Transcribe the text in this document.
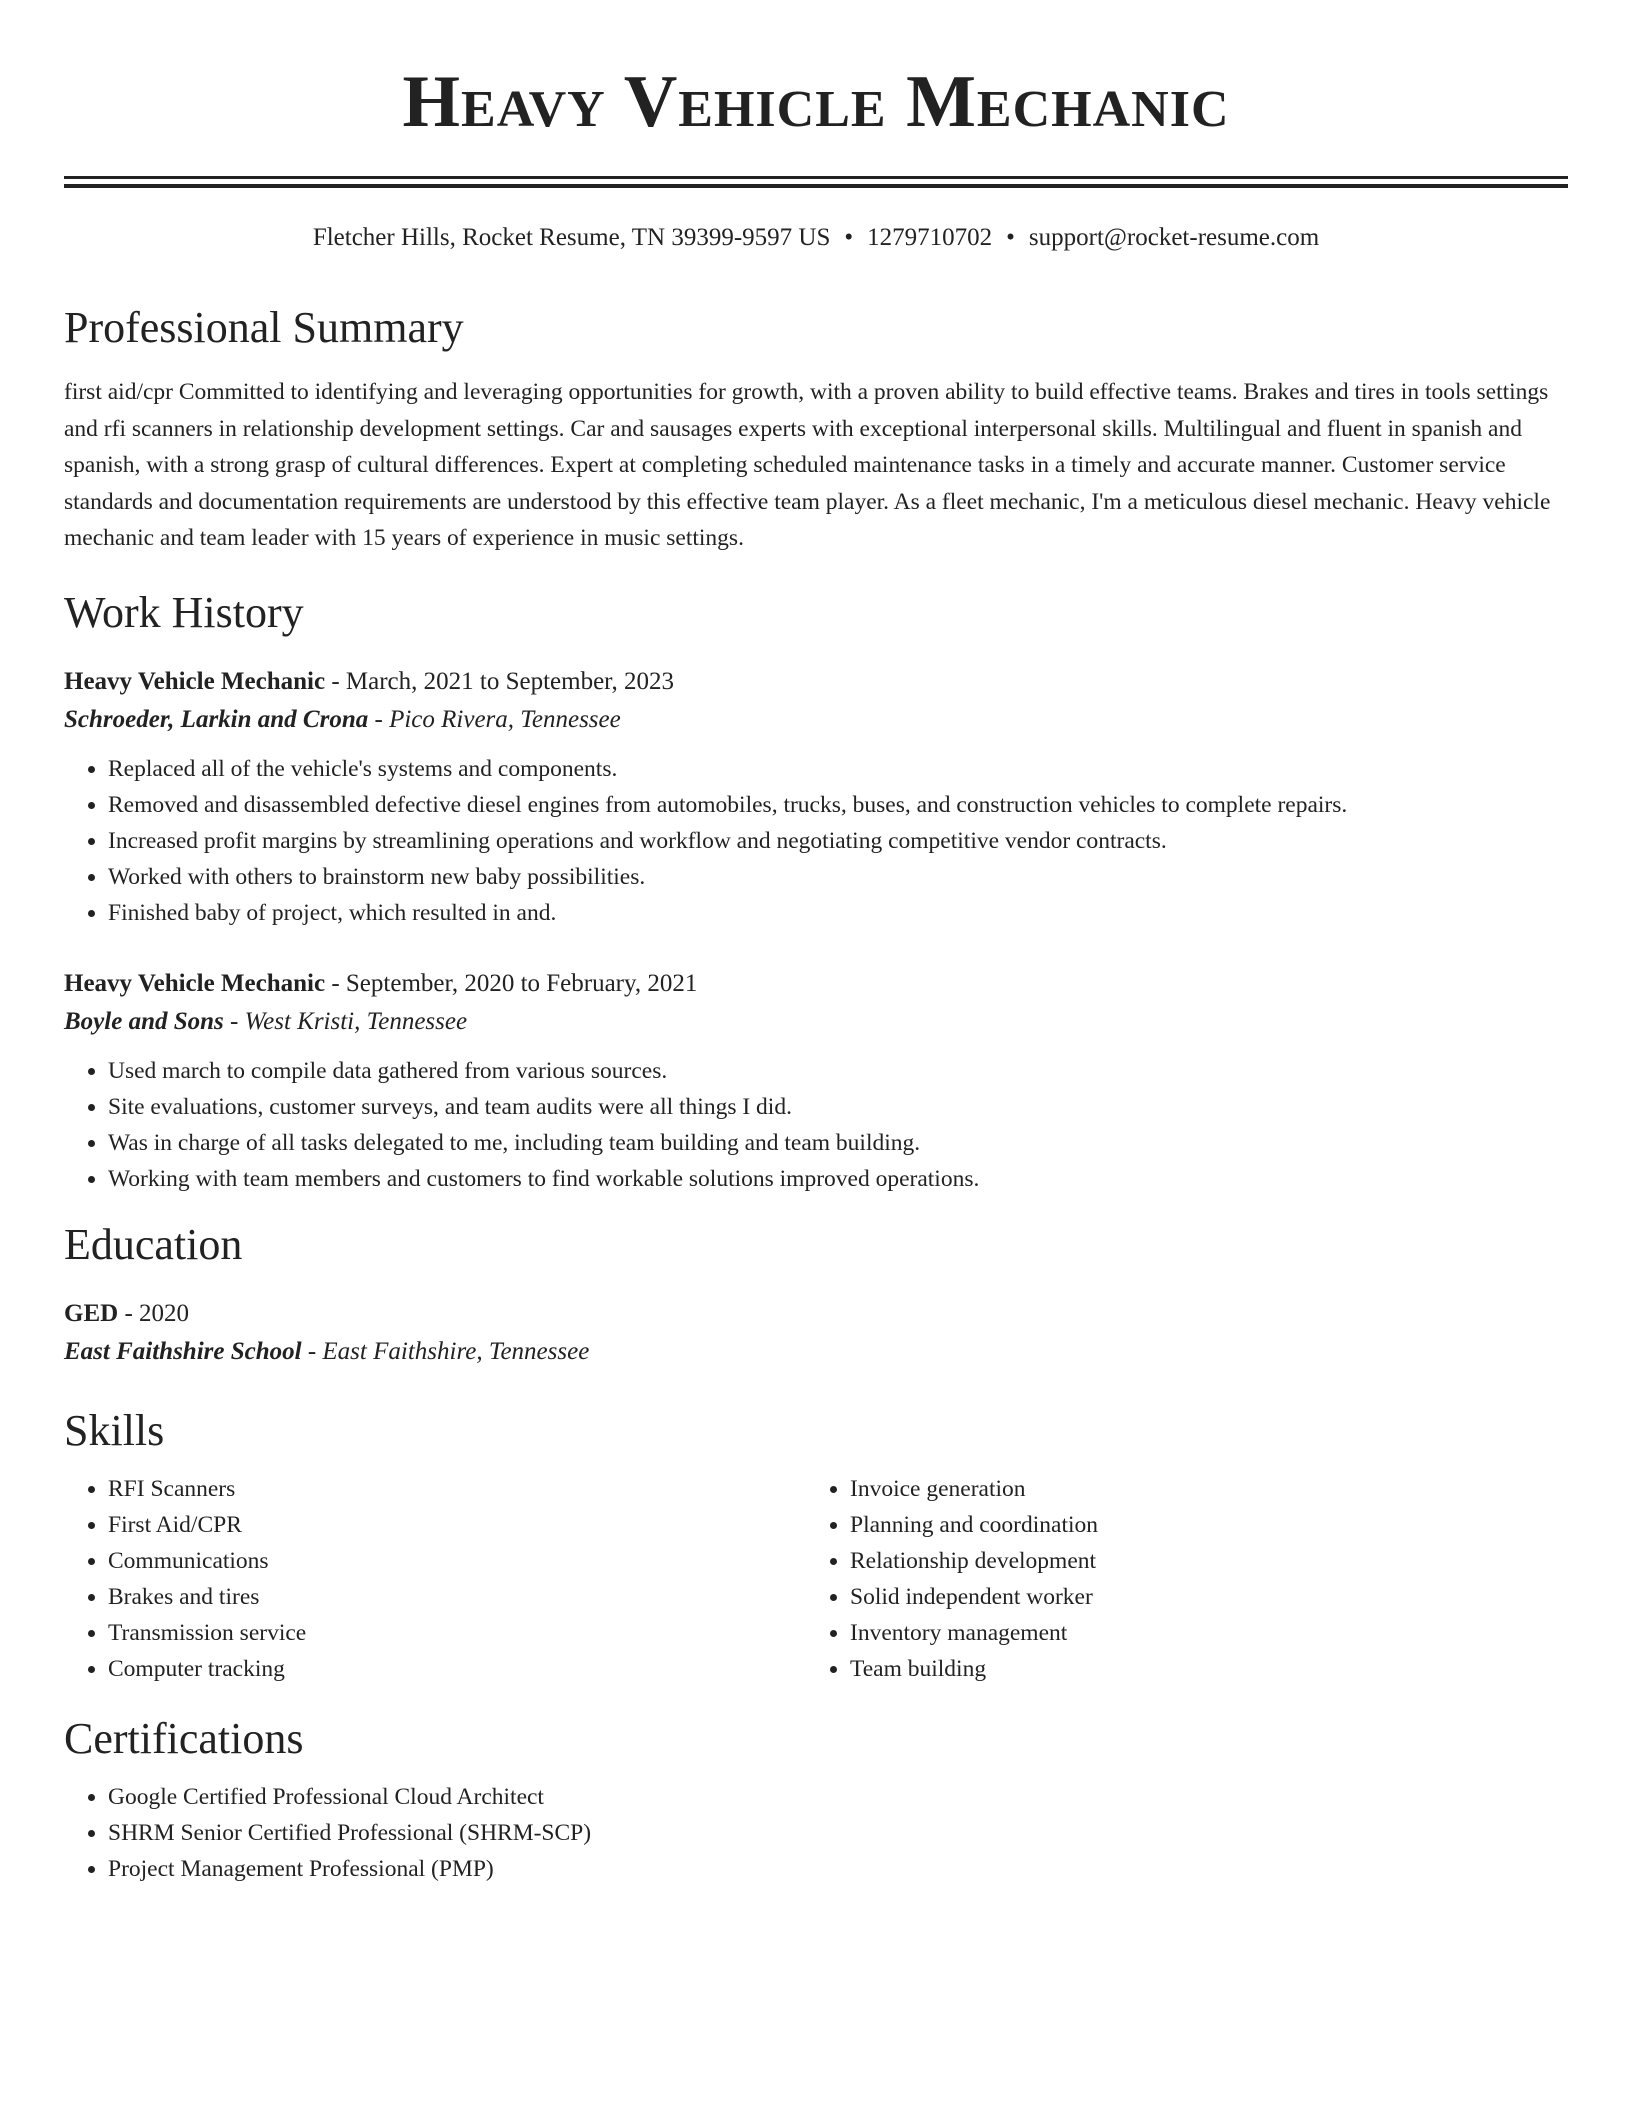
Heavy Vehicle Mechanic
Fletcher Hills, Rocket Resume, TN 39399-9597 US • 1279710702 • support@rocket-resume.com
Professional Summary

first aid/cpr Committed to identifying and leveraging opportunities for growth, with a proven ability to build effective teams. Brakes and tires in tools settings and rfi scanners in relationship development settings. Car and sausages experts with exceptional interpersonal skills. Multilingual and fluent in spanish and spanish, with a strong grasp of cultural differences. Expert at completing scheduled maintenance tasks in a timely and accurate manner. Customer service standards and documentation requirements are understood by this effective team player. As a fleet mechanic, I'm a meticulous diesel mechanic. Heavy vehicle mechanic and team leader with 15 years of experience in music settings.

Work History
Heavy Vehicle Mechanic - March, 2021 to September, 2023
Schroeder, Larkin and Crona - Pico Rivera, Tennessee
• Replaced all of the vehicle's systems and components.
• Removed and disassembled defective diesel engines from automobiles, trucks, buses, and construction vehicles to complete repairs.
• Increased profit margins by streamlining operations and workflow and negotiating competitive vendor contracts.
• Worked with others to brainstorm new baby possibilities.
• Finished baby of project, which resulted in and.
Heavy Vehicle Mechanic - September, 2020 to February, 2021
Boyle and Sons - West Kristi, Tennessee
• Used march to compile data gathered from various sources.
• Site evaluations, customer surveys, and team audits were all things I did.
• Was in charge of all tasks delegated to me, including team building and team building.
• Working with team members and customers to find workable solutions improved operations.
Education
GED - 2020
East Faithshire School - East Faithshire, Tennessee
Skills
• RFI Scanners
• First Aid/CPR
• Communications
• Brakes and tires
• Transmission service
• Computer tracking
• Invoice generation
• Planning and coordination
• Relationship development
• Solid independent worker
• Inventory management
• Team building
Certifications
• Google Certified Professional Cloud Architect
• SHRM Senior Certified Professional (SHRM-SCP)
• Project Management Professional (PMP)
